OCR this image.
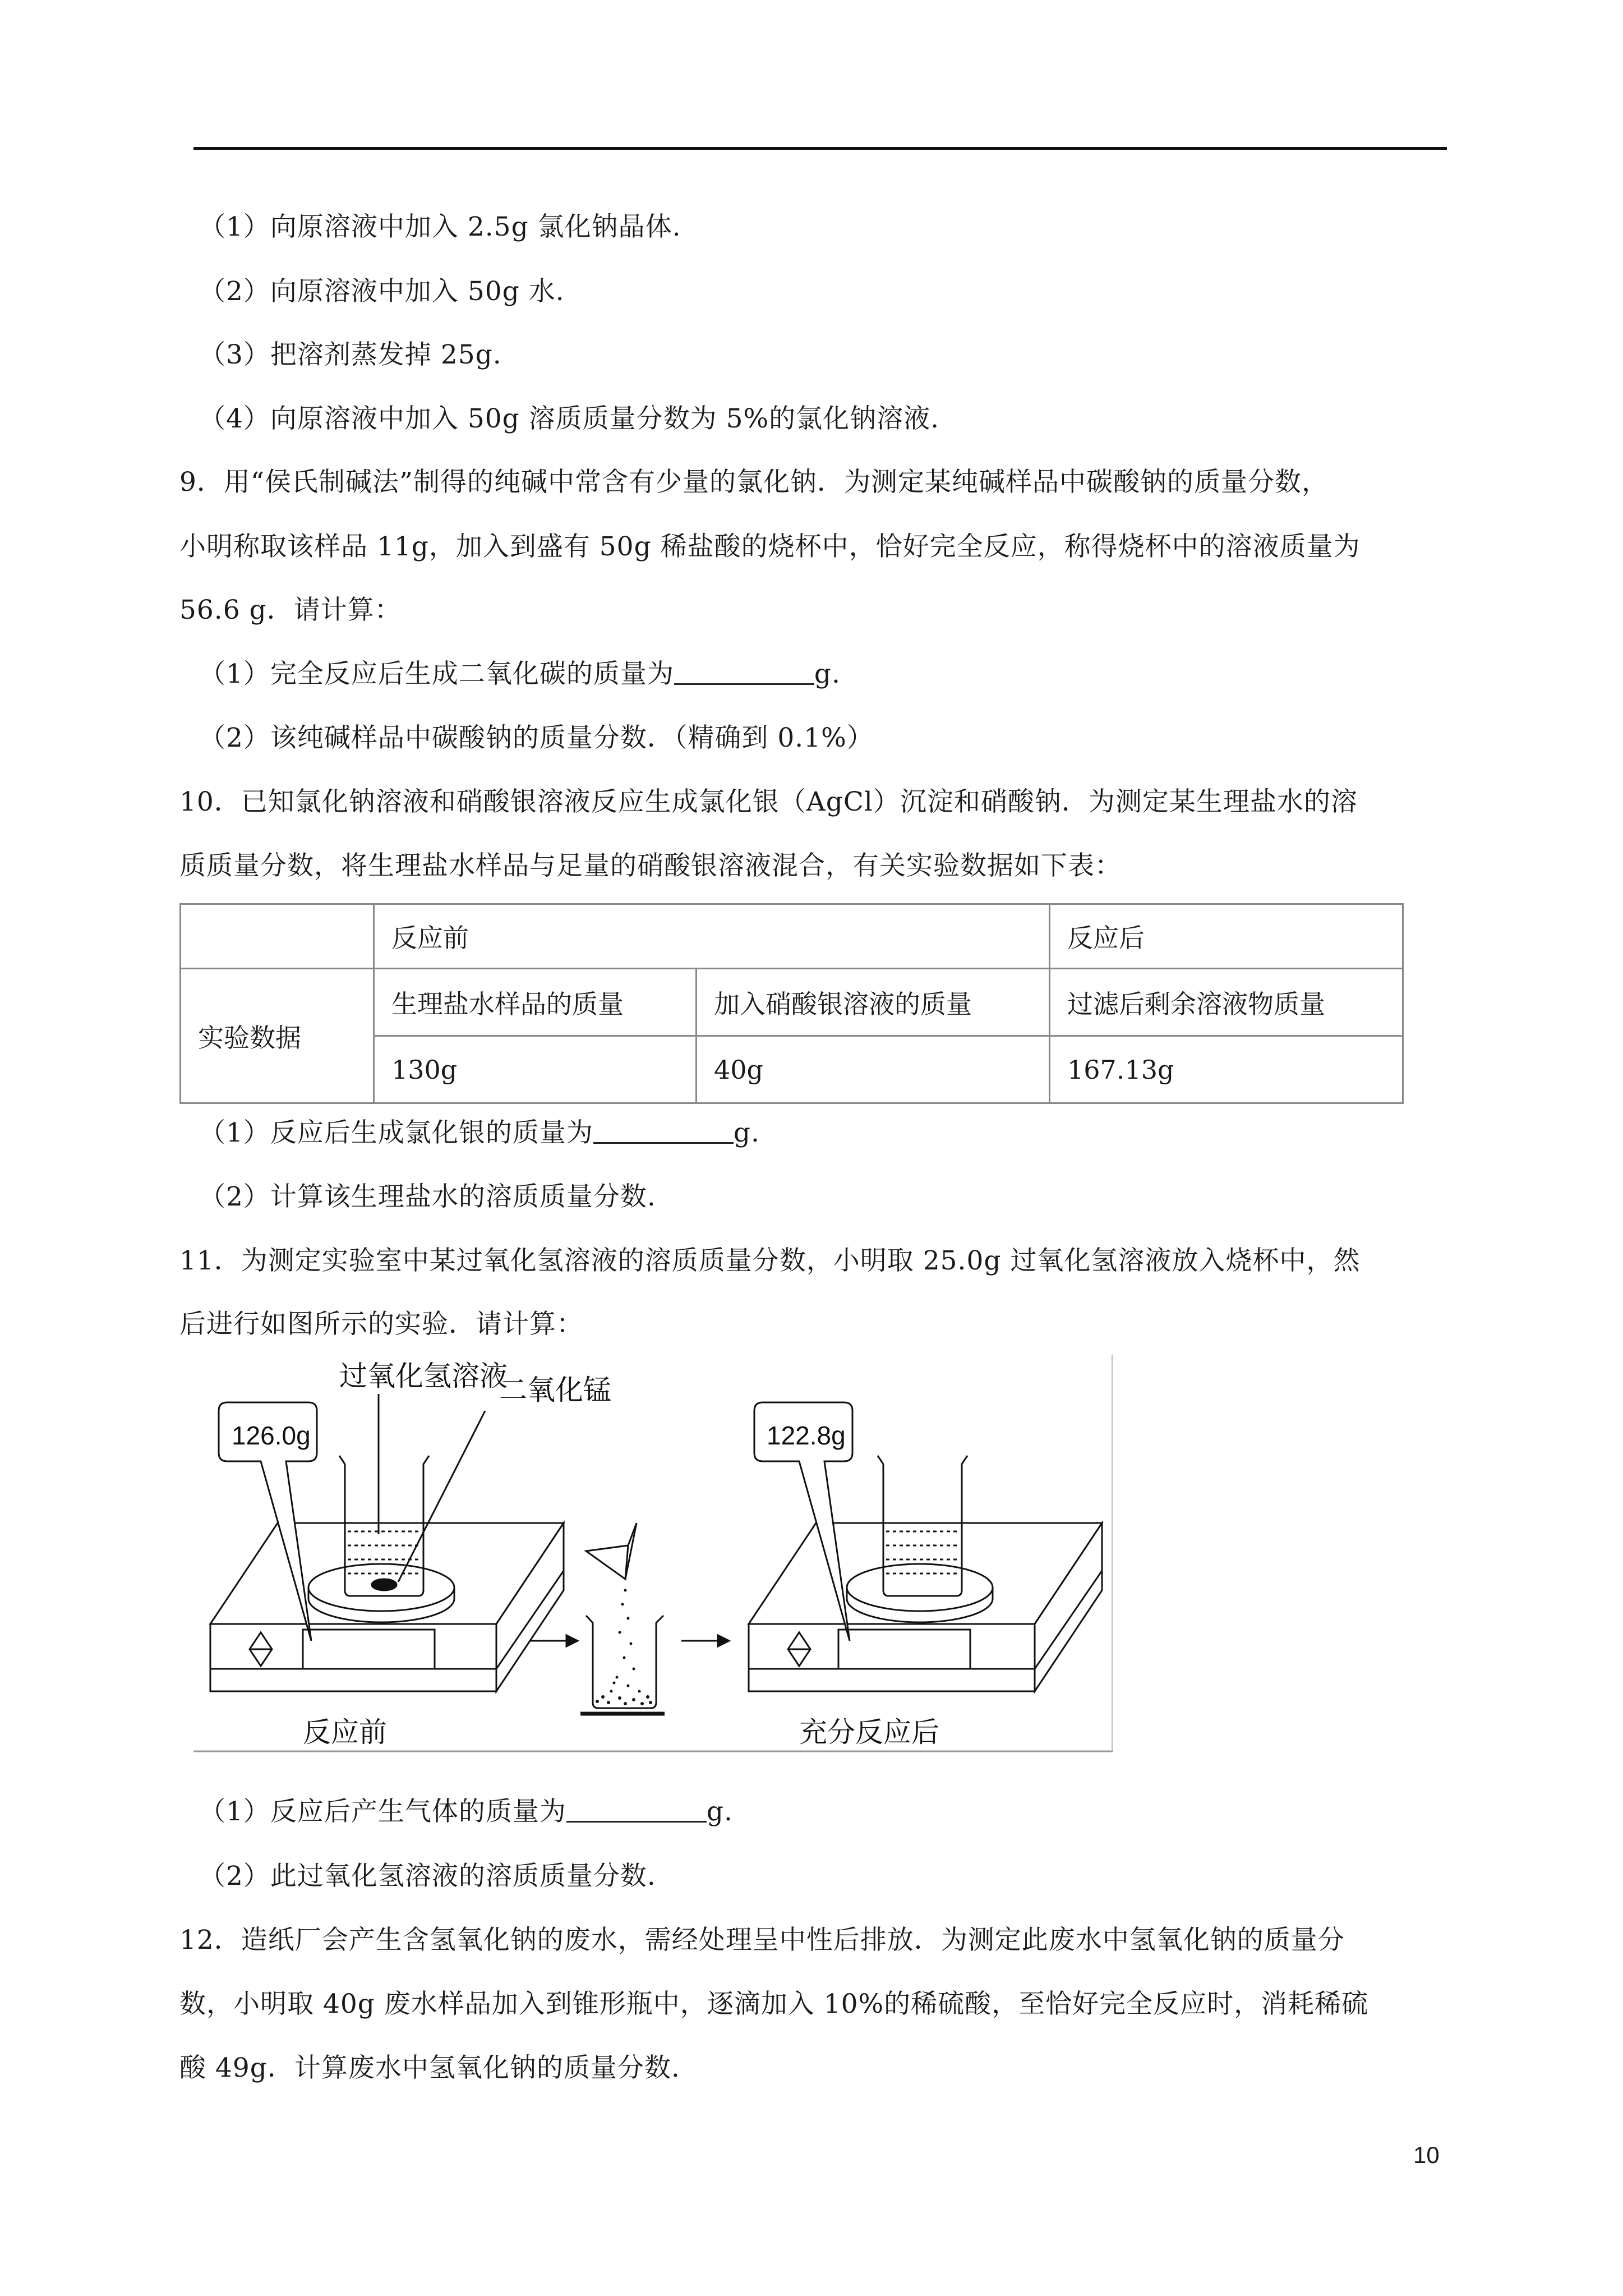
（1）向原溶液中加入 2.5g 氯化钠晶体.
（2）向原溶液中加入 50g 水.
（3）把溶剂蒸发掉 25g.
（4）向原溶液中加入 50g 溶质质量分数为 5%的氯化钠溶液.
9．用“侯氏制碱法”制得的纯碱中常含有少量的氯化钠．为测定某纯碱样品中碳酸钠的质量分数，
小明称取该样品 11g，加入到盛有 50g 稀盐酸的烧杯中，恰好完全反应，称得烧杯中的溶液质量为
56.6 g．请计算：
（1）完全反应后生成二氧化碳的质量为	g.
（2）该纯碱样品中碳酸钠的质量分数．（精确到 0.1%）
10．已知氯化钠溶液和硝酸银溶液反应生成氯化银（AgCl）沉淀和硝酸钠．为测定某生理盐水的溶
质质量分数，将生理盐水样品与足量的硝酸银溶液混合，有关实验数据如下表：
	反应前		反应后
实验数据	生理盐水样品的质量	加入硝酸银溶液的质量	过滤后剩余溶液物质量
	130g	40g	167.13g
（1）反应后生成氯化银的质量为	g.
（2）计算该生理盐水的溶质质量分数.
11．为测定实验室中某过氧化氢溶液的溶质质量分数，小明取 25.0g 过氧化氢溶液放入烧杯中，然
后进行如图所示的实验．请计算：
126.0g
过氧化氢溶液
二氧化锰
122.8g
反应前	充分反应后
（1）反应后产生气体的质量为	g.
（2）此过氧化氢溶液的溶质质量分数.
12．造纸厂会产生含氢氧化钠的废水，需经处理呈中性后排放．为测定此废水中氢氧化钠的质量分
数，小明取 40g 废水样品加入到锥形瓶中，逐滴加入 10%的稀硫酸，至恰好完全反应时，消耗稀硫
酸 49g．计算废水中氢氧化钠的质量分数.
10
